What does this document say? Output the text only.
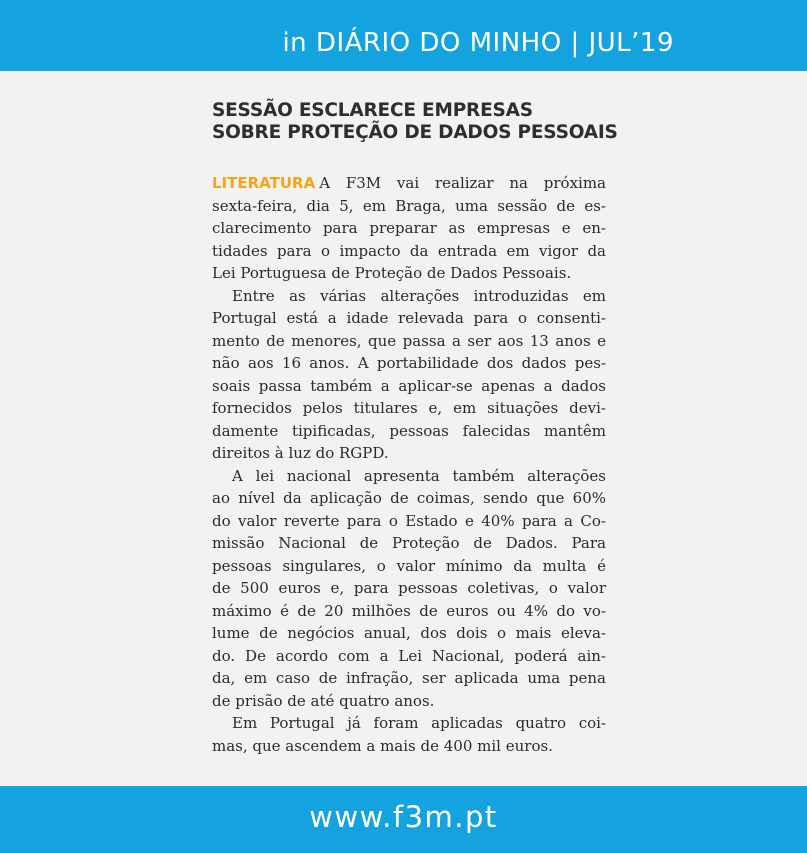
in DIÁRIO DO MINHO | JUL’19
SESSÃO ESCLARECE EMPRESAS
SOBRE PROTEÇÃO DE DADOS PESSOAIS
LITERATURA A F3M vai realizar na próxima
sexta-feira, dia 5, em Braga, uma sessão de es-
clarecimento para preparar as empresas e en-
tidades para o impacto da entrada em vigor da
Lei Portuguesa de Proteção de Dados Pessoais.
Entre as várias alterações introduzidas em
Portugal está a idade relevada para o consenti-
mento de menores, que passa a ser aos 13 anos e
não aos 16 anos. A portabilidade dos dados pes-
soais passa também a aplicar-se apenas a dados
fornecidos pelos titulares e, em situações devi-
damente tipificadas, pessoas falecidas mantêm
direitos à luz do RGPD.
A lei nacional apresenta também alterações
ao nível da aplicação de coimas, sendo que 60%
do valor reverte para o Estado e 40% para a Co-
missão Nacional de Proteção de Dados. Para
pessoas singulares, o valor mínimo da multa é
de 500 euros e, para pessoas coletivas, o valor
máximo é de 20 milhões de euros ou 4% do vo-
lume de negócios anual, dos dois o mais eleva-
do. De acordo com a Lei Nacional, poderá ain-
da, em caso de infração, ser aplicada uma pena
de prisão de até quatro anos.
Em Portugal já foram aplicadas quatro coi-
mas, que ascendem a mais de 400 mil euros.
www.f3m.pt
